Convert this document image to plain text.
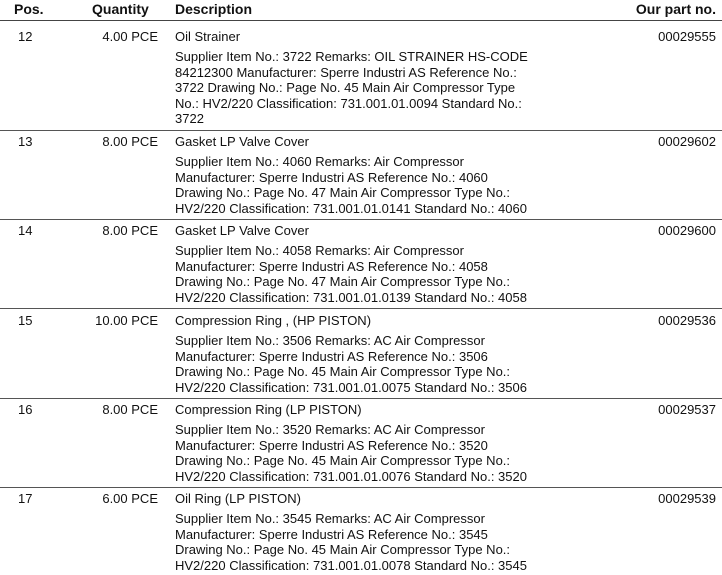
Pos.	Quantity Description	Our part no.
12	4.00 PCE Oil Strainer	00029555
Supplier Item No.: 3722 Remarks: OIL STRAINER HS-CODE
84212300 Manufacturer: Sperre Industri AS Reference No.:
3722 Drawing No.: Page No. 45 Main Air Compressor Type
No.: HV2/220 Classification: 731.001.01.0094 Standard No.:
3722
13	8.00 PCE Gasket LP Valve Cover	00029602
Supplier Item No.: 4060 Remarks: Air Compressor
Manufacturer: Sperre Industri AS Reference No.: 4060
Drawing No.: Page No. 47 Main Air Compressor Type No.:
HV2/220 Classification: 731.001.01.0141 Standard No.: 4060
14	8.00 PCE Gasket LP Valve Cover	00029600
Supplier Item No.: 4058 Remarks: Air Compressor
Manufacturer: Sperre Industri AS Reference No.: 4058
Drawing No.: Page No. 47 Main Air Compressor Type No.:
HV2/220 Classification: 731.001.01.0139 Standard No.: 4058
15	10.00 PCE Compression Ring , (HP PISTON)	00029536
Supplier Item No.: 3506 Remarks: AC Air Compressor
Manufacturer: Sperre Industri AS Reference No.: 3506
Drawing No.: Page No. 45 Main Air Compressor Type No.:
HV2/220 Classification: 731.001.01.0075 Standard No.: 3506
16	8.00 PCE Compression Ring (LP PISTON)	00029537
Supplier Item No.: 3520 Remarks: AC Air Compressor
Manufacturer: Sperre Industri AS Reference No.: 3520
Drawing No.: Page No. 45 Main Air Compressor Type No.:
HV2/220 Classification: 731.001.01.0076 Standard No.: 3520
17	6.00 PCE Oil Ring (LP PISTON)	00029539
Supplier Item No.: 3545 Remarks: AC Air Compressor
Manufacturer: Sperre Industri AS Reference No.: 3545
Drawing No.: Page No. 45 Main Air Compressor Type No.:
HV2/220 Classification: 731.001.01.0078 Standard No.: 3545
